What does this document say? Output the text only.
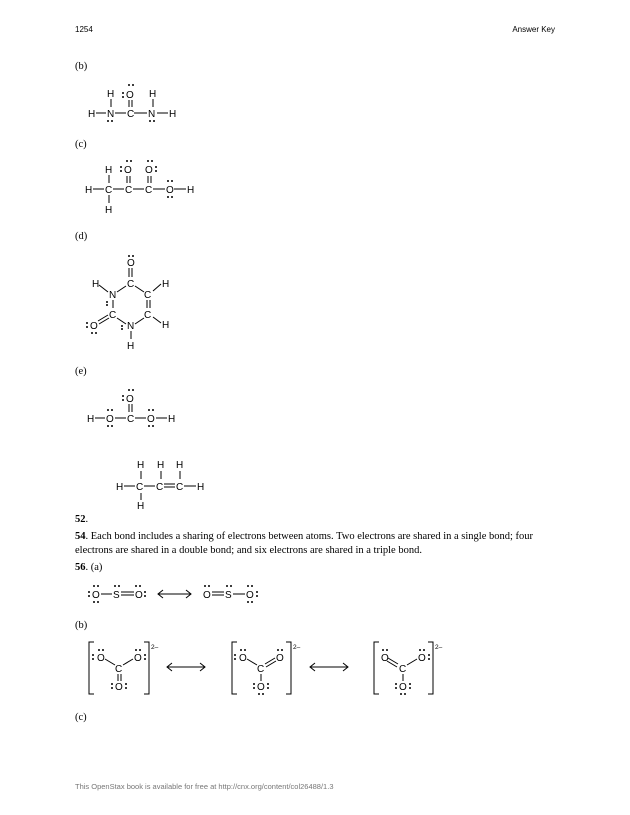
1254	Answer Key
(b)
(c)
(d)
(e)
H	H
H N C N H
O
H
H C C C O H
H
O O
O
C
N	C
C	C
N
H	H
H
H
O
O
H O C O H
H H H
H C C C H
H
52.
54. Each bond includes a sharing of electrons between atoms. Two electrons are shared in a single bond; four electrons are shared in a double bond; and six electrons are shared in a triple bond.
56. (a)
O S O	O S O
(b)
2–
O	O
C
O
2–
O	O
C
O
2–
O	O
C
O
(c)
This OpenStax book is available for free at http://cnx.org/content/col26488/1.3
